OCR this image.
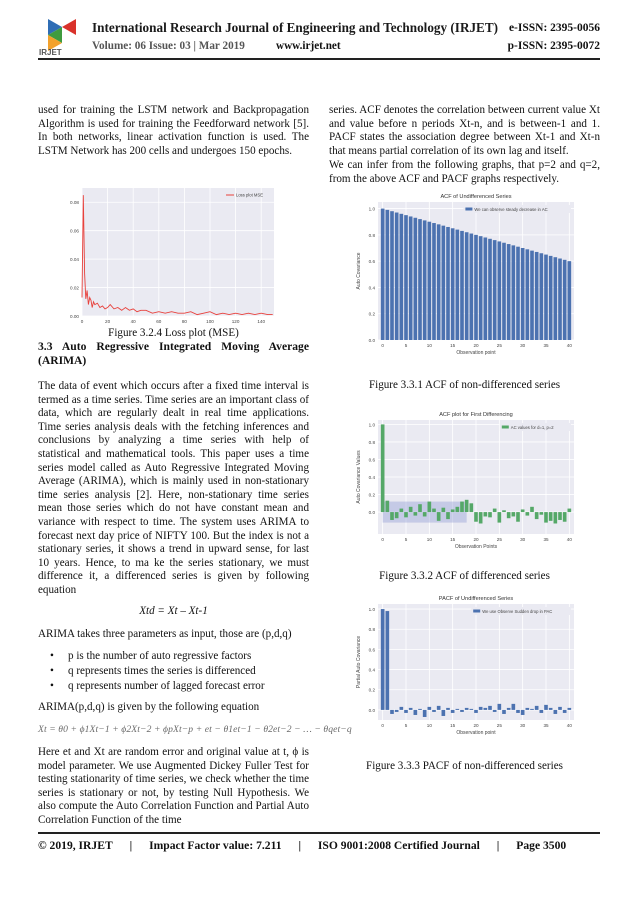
IRJET
International Research Journal of Engineering and Technology (IRJET) e-ISSN: 2395-0056
Volume: 06 Issue: 03 | Mar 2019	www.irjet.net	p-ISSN: 2395-0072

used for training the LSTM network and Backpropagation Algorithm is used for training the Feedforward network [5]. In both networks, linear activation function is used. The LSTM Network has 200 cells and undergoes 150 epochs.

0.00
0.02
0.04
0.06
0.08
0	20	40	60	80	100	120	140
Loss plot MSE
Figure 3.2.4 Loss plot (MSE)
3.3 Auto Regressive Integrated Moving Average (ARIMA)

The data of event which occurs after a fixed time interval is termed as a time series. Time series are an important class of data, which are regularly dealt in real time applications. Time series analysis deals with the fetching inferences and conclusions by analyzing a time series with help of statistical and mathematical tools. This paper uses a time series model called as Auto Regressive Integrated Moving Average (ARIMA), which is mainly used in non-stationary time series analysis [2]. Here, non-stationary time series mean those series which do not have constant mean and variance with respect to time. The system uses ARIMA to forecast next day price of NIFTY 100. But the index is not a stationary series, it shows a trend in upward sense, for last 10 years. Hence, to ma ke the series stationary, we must difference it, a differenced series is given by following equation

Xtd = Xt – Xt-1

ARIMA takes three parameters as input, those are (p,d,q)

• p is the number of auto regressive factors
• q represents times the series is differenced
• q represents number of lagged forecast error

ARIMA(p,d,q) is given by the following equation

Xt = θ0 + ϕ1Xt−1 + ϕ2Xt−2 + ϕpXt−p + et − θ1et−1 − θ2et−2 − … − θqet−q

Here et and Xt are random error and original value at t, ϕ is model parameter. We use Augmented Dickey Fuller Test for testing stationarity of time series, we check whether the time series is stationary or not, by testing Null Hypothesis. We also compute the Auto Correlation Function and Partial Auto Correlation Function of the time

series. ACF denotes the correlation between current value Xt and value before n periods Xt-n, and is between-1 and 1. PACF states the association degree between Xt-1 and Xt-n that means partial correlation of its own lag and itself.

We can infer from the following graphs, that p=2 and q=2, from the above ACF and PACF graphs respectively.

0.0
0.2
0.4
0.6
0.8
1.0
0	5	10	15	20	25	30	35	40
ACF of Undifferenced Series
Observation point
Auto Covariance
We can observe steady decrease in AC
Figure 3.3.1 ACF of non-differenced series
0.0
0.2
0.4
0.6
0.8
1.0
0	5	10	15	20	25	30	35	40
ACF plot for First Differencing
Observation Points
Auto Covariance Values
AC values for d=1, p=2
Figure 3.3.2 ACF of differenced series
0.0
0.2
0.4
0.6
0.8
1.0
0	5	10	15	20	25	30	35	40
PACF of Undifferenced Series
Observation point
Partial Auto Covariance
We use Observe Sudden drop in PAC
Figure 3.3.3 PACF of non-differenced series
© 2019, IRJET | Impact Factor value: 7.211 | ISO 9001:2008 Certified Journal | Page 3500
